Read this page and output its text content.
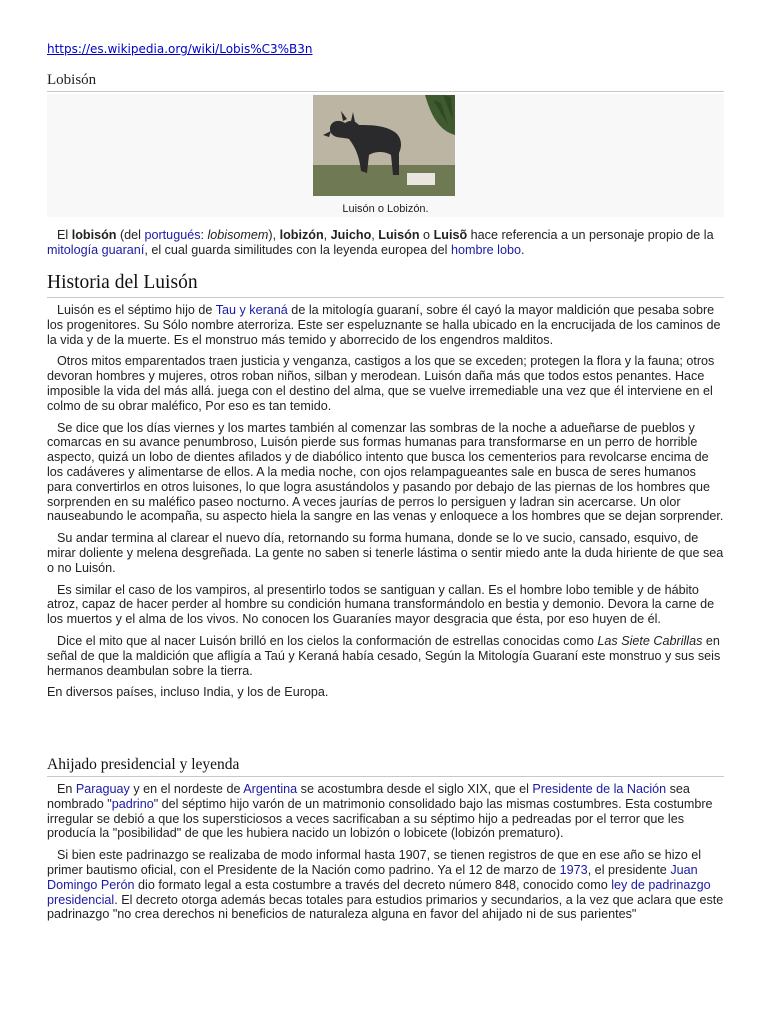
https://es.wikipedia.org/wiki/Lobis%C3%B3n
Lobisón
Luisón o Lobizón.

El lobisón (del portugués: lobisomem), lobizón, Juicho, Luisón o Luisõ hace referencia a un personaje propio de la mitología guaraní, el cual guarda similitudes con la leyenda europea del hombre lobo.

Historia del Luisón

Luisón es el séptimo hijo de Tau y keraná de la mitología guaraní, sobre él cayó la mayor maldición que pesaba sobre los progenitores. Su Sólo nombre aterroriza. Este ser espeluznante se halla ubicado en la encrucijada de los caminos de la vida y de la muerte. Es el monstruo más temido y aborrecido de los engendros malditos.

Otros mitos emparentados traen justicia y venganza, castigos a los que se exceden; protegen la flora y la fauna; otros devoran hombres y mujeres, otros roban niños, silban y merodean. Luisón daña más que todos estos penantes. Hace imposible la vida del más allá. juega con el destino del alma, que se vuelve irremediable una vez que él interviene en el colmo de su obrar maléfico, Por eso es tan temido.

Se dice que los días viernes y los martes también al comenzar las sombras de la noche a adueñarse de pueblos y comarcas en su avance penumbroso, Luisón pierde sus formas humanas para transformarse en un perro de horrible aspecto, quizá un lobo de dientes afilados y de diabólico intento que busca los cementerios para revolcarse encima de los cadáveres y alimentarse de ellos. A la media noche, con ojos relampagueantes sale en busca de seres humanos para convertirlos en otros luisones, lo que logra asustándolos y pasando por debajo de las piernas de los hombres que sorprenden en su maléfico paseo nocturno. A veces jaurías de perros lo persiguen y ladran sin acercarse. Un olor nauseabundo le acompaña, su aspecto hiela la sangre en las venas y enloquece a los hombres que se dejan sorprender.

Su andar termina al clarear el nuevo día, retornando su forma humana, donde se lo ve sucio, cansado, esquivo, de mirar doliente y melena desgreñada. La gente no saben si tenerle lástima o sentir miedo ante la duda hiriente de que sea o no Luisón.

Es similar el caso de los vampiros, al presentirlo todos se santiguan y callan. Es el hombre lobo temible y de hábito atroz, capaz de hacer perder al hombre su condición humana transformándolo en bestia y demonio. Devora la carne de los muertos y el alma de los vivos. No conocen los Guaraníes mayor desgracia que ésta, por eso huyen de él.

Dice el mito que al nacer Luisón brilló en los cielos la conformación de estrellas conocidas como Las Siete Cabrillas en señal de que la maldición que afligía a Taú y Keraná había cesado, Según la Mitología Guaraní este monstruo y sus seis hermanos deambulan sobre la tierra.

En diversos países, incluso India, y los de Europa.

Ahijado presidencial y leyenda

En Paraguay y en el nordeste de Argentina se acostumbra desde el siglo XIX, que el Presidente de la Nación sea nombrado "padrino" del séptimo hijo varón de un matrimonio consolidado bajo las mismas costumbres. Esta costumbre irregular se debió a que los supersticiosos a veces sacrificaban a su séptimo hijo a pedreadas por el terror que les producía la "posibilidad" de que les hubiera nacido un lobizón o lobicete (lobizón prematuro).

Si bien este padrinazgo se realizaba de modo informal hasta 1907, se tienen registros de que en ese año se hizo el primer bautismo oficial, con el Presidente de la Nación como padrino. Ya el 12 de marzo de 1973, el presidente Juan Domingo Perón dio formato legal a esta costumbre a través del decreto número 848, conocido como ley de padrinazgo presidencial. El decreto otorga además becas totales para estudios primarios y secundarios, a la vez que aclara que este padrinazgo "no crea derechos ni beneficios de naturaleza alguna en favor del ahijado ni de sus parientes"
